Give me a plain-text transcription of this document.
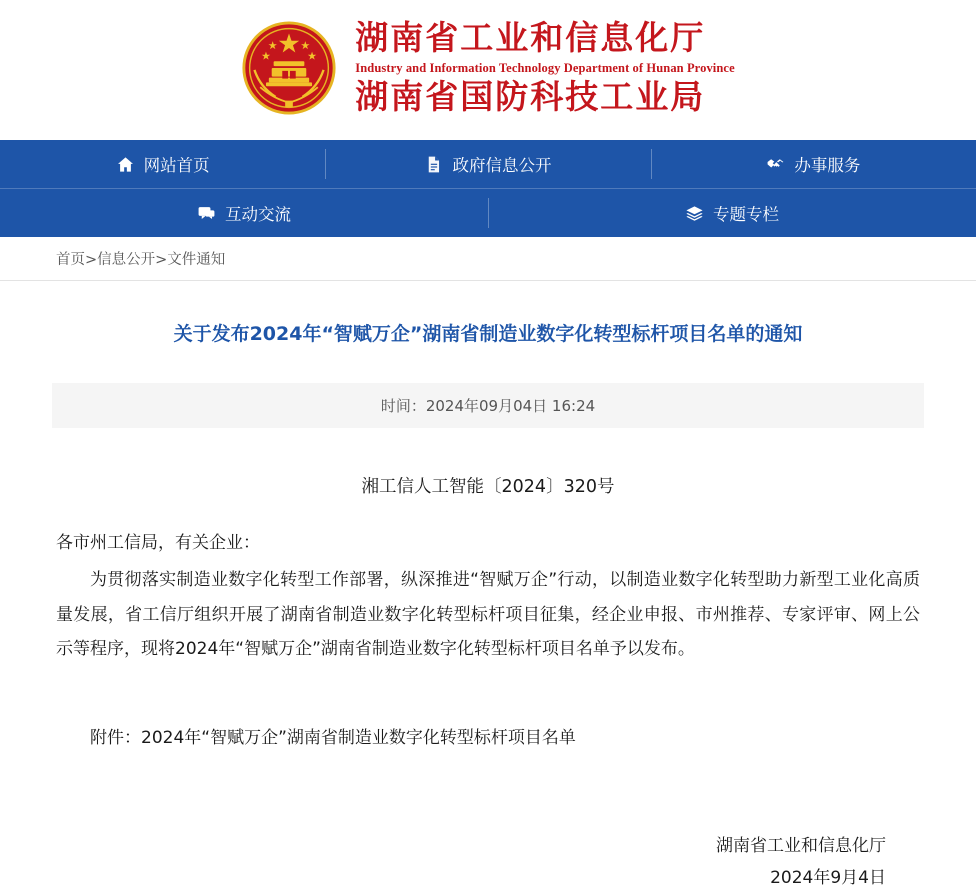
湖南省工业和信息化厅
Industry and Information Technology Department of Hunan Province
湖南省国防科技工业局
网站首页	政府信息公开	办事服务
互动交流	专题专栏
首页>信息公开>文件通知
关于发布2024年“智赋万企”湖南省制造业数字化转型标杆项目名单的通知
时间：2024年09月04日 16:24
湘工信人工智能〔2024〕320号

各市州工信局，有关企业：

为贯彻落实制造业数字化转型工作部署，纵深推进“智赋万企”行动，以制造业数字化转型助力新型工业化高质量发展，省工信厅组织开展了湖南省制造业数字化转型标杆项目征集，经企业申报、市州推荐、专家评审、网上公示等程序，现将2024年“智赋万企”湖南省制造业数字化转型标杆项目名单予以发布。

附件：2024年“智赋万企”湖南省制造业数字化转型标杆项目名单

湖南省工业和信息化厅
2024年9月4日
